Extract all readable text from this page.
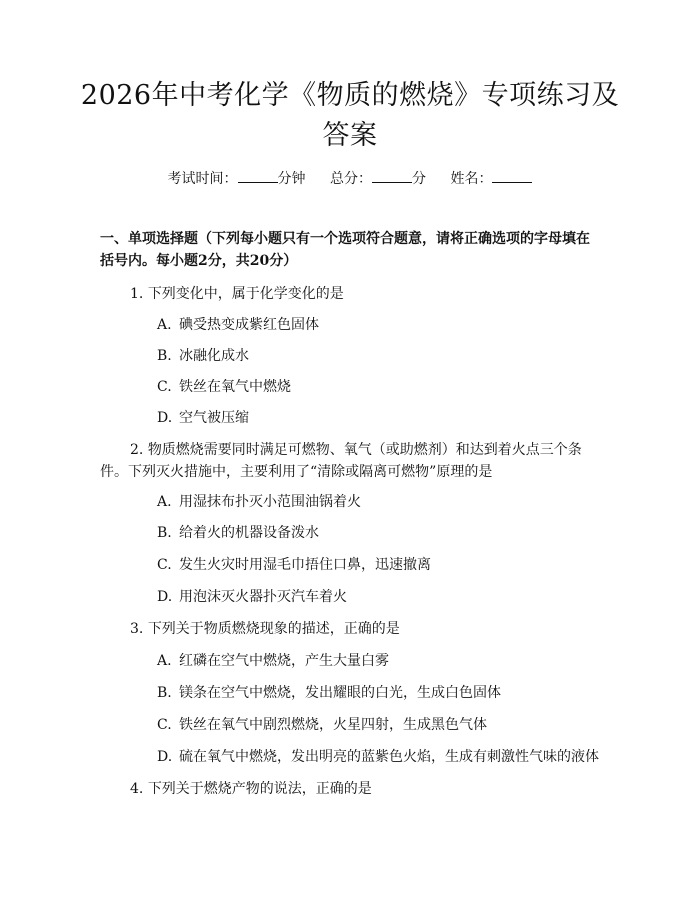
2026年中考化学《物质的燃烧》专项练习及
答案
考试时间：	分钟 总分：	分 姓名：
一、单项选择题（下列每小题只有一个选项符合题意，请将正确选项的字母填在括号内。每小题2分，共20分）
1. 下列变化中，属于化学变化的是
A. 碘受热变成紫红色固体
B. 冰融化成水
C. 铁丝在氧气中燃烧
D. 空气被压缩
2. 物质燃烧需要同时满足可燃物、氧气（或助燃剂）和达到着火点三个条件。下列灭火措施中，主要利用了“清除或隔离可燃物”原理的是
A. 用湿抹布扑灭小范围油锅着火
B. 给着火的机器设备泼水
C. 发生火灾时用湿毛巾捂住口鼻，迅速撤离
D. 用泡沫灭火器扑灭汽车着火
3. 下列关于物质燃烧现象的描述，正确的是
A. 红磷在空气中燃烧，产生大量白雾
B. 镁条在空气中燃烧，发出耀眼的白光，生成白色固体
C. 铁丝在氧气中剧烈燃烧，火星四射，生成黑色气体
D. 硫在氧气中燃烧，发出明亮的蓝紫色火焰，生成有刺激性气味的液体
4. 下列关于燃烧产物的说法，正确的是
